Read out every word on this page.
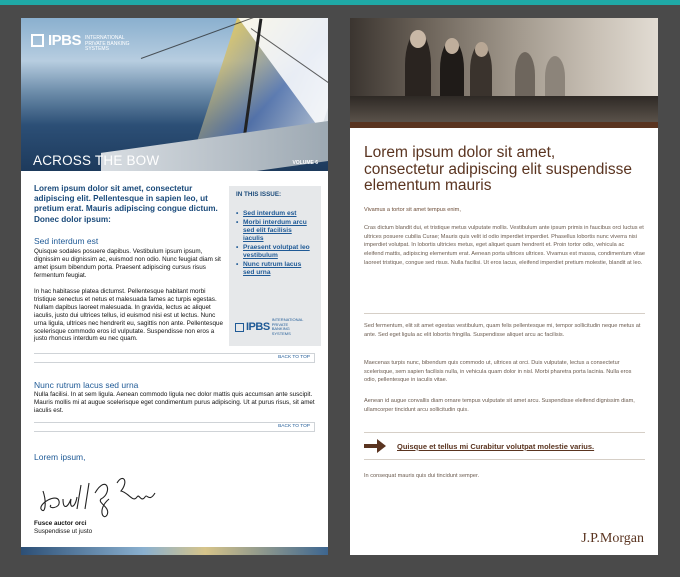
IPBS INTERNATIONAL PRIVATE BANKING SYSTEMS
ACROSS THE BOW	VOLUME 6
Lorem ipsum dolor sit amet, consectetur adipiscing elit. Pellentesque in sapien leo, ut pretium erat. Mauris adipiscing congue dictum. Donec dolor ipsum:
Sed interdum est
Quisque sodales posuere dapibus. Vestibulum ipsum ipsum, dignissim eu dignissim ac, euismod non odio. Nunc feugiat diam sit amet ipsum bibendum porta. Praesent adipiscing cursus risus fermentum feugiat.
In hac habitasse platea dictumst. Pellentesque habitant morbi tristique senectus et netus et malesuada fames ac turpis egestas. Nullam dapibus laoreet malesuada. In gravida, lectus ac aliquet iaculis, justo dui ultrices tellus, id euismod nisi est ut lectus. Nunc urna ligula, ultrices nec hendrerit eu, sagittis non ante. Pellentesque scelerisque commodo eros id vulputate. Suspendisse non eros a justo rhoncus interdum eu nec quam.
IN THIS ISSUE:
• Sed interdum est
• Morbi interdum arcu sed elit facilisis iaculis
• Praesent volutpat leo vestibulum
• Nunc rutrum lacus sed urna
IPBS
INTERNATIONAL PRIVATE BANKING SYSTEMS
BACK TO TOP
Nunc rutrum lacus sed urna
Nulla facilisi. In at sem ligula. Aenean commodo ligula nec dolor mattis quis accumsan ante suscipit. Mauris mollis mi at augue scelerisque eget condimentum purus adipiscing. Ut at purus risus, sit amet iaculis est.
BACK TO TOP
Lorem ipsum,
Fusce auctor orci
Suspendisse ut justo
Lorem ipsum dolor sit amet, consectetur adipiscing elit suspendisse elementum mauris
Vivamus a tortor sit amet tempus enim,
Cras dictum blandit dui, et tristique metus vulputate mollis. Vestibulum ante ipsum primis in faucibus orci luctus et ultrices posuere cubilia Curae; Mauris quis velit id odio imperdiet imperdiet. Phasellus lobortis nunc viverra nisi imperdiet volutpat. In lobortis ultricies metus, eget aliquet quam hendrerit et. Proin tortor odio, vehicula ac eleifend mattis, adipiscing elementum erat. Aenean porta ultrices ultrices. Vivamus est massa, condimentum vitae laoreet tristique, congue sed risus. Nulla facilisi. Ut eros lacus, eleifend imperdiet pretium molestie, blandit at leo.
Sed fermentum, elit sit amet egestas vestibulum, quam felis pellentesque mi, tempor sollicitudin neque metus at ante. Sed eget ligula ac elit lobortis fringilla. Suspendisse aliquet arcu ac facilisis.
Maecenas turpis nunc, bibendum quis commodo ut, ultrices at orci. Duis vulputate, lectus a consectetur scelerisque, sem sapien facilisis nulla, in vehicula quam dolor in nisl. Morbi pharetra porta lacinia. Nulla eros odio, pellentesque in iaculis vitae.
Aenean id augue convallis diam ornare tempus vulputate sit amet arcu. Suspendisse eleifend dignissim diam, ullamcorper tincidunt arcu sollicitudin quis.
Quisque et tellus mi Curabitur volutpat molestie varius.
In consequat mauris quis dui tincidunt semper.
J.P.Morgan
